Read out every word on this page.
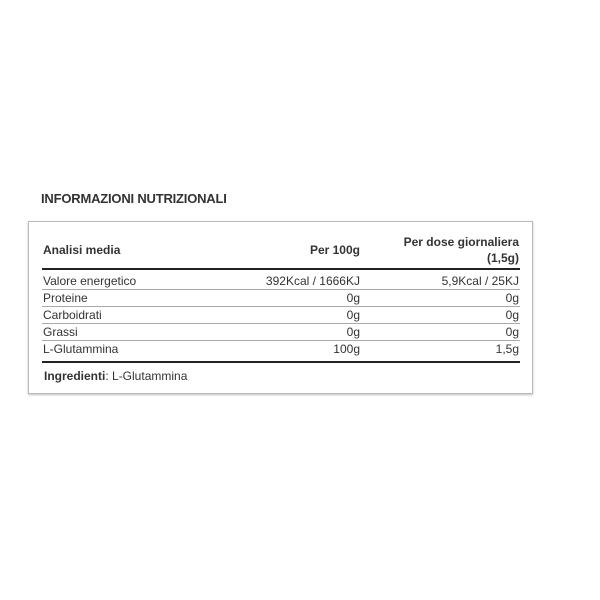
INFORMAZIONI NUTRIZIONALI
Analisi media	Per 100g	Per dose giornaliera (1,5g)
Valore energetico	392Kcal / 1666KJ	5,9Kcal / 25KJ
Proteine	0g	0g
Carboidrati	0g	0g
Grassi	0g	0g
L-Glutammina	100g	1,5g
Ingredienti: L-Glutammina
